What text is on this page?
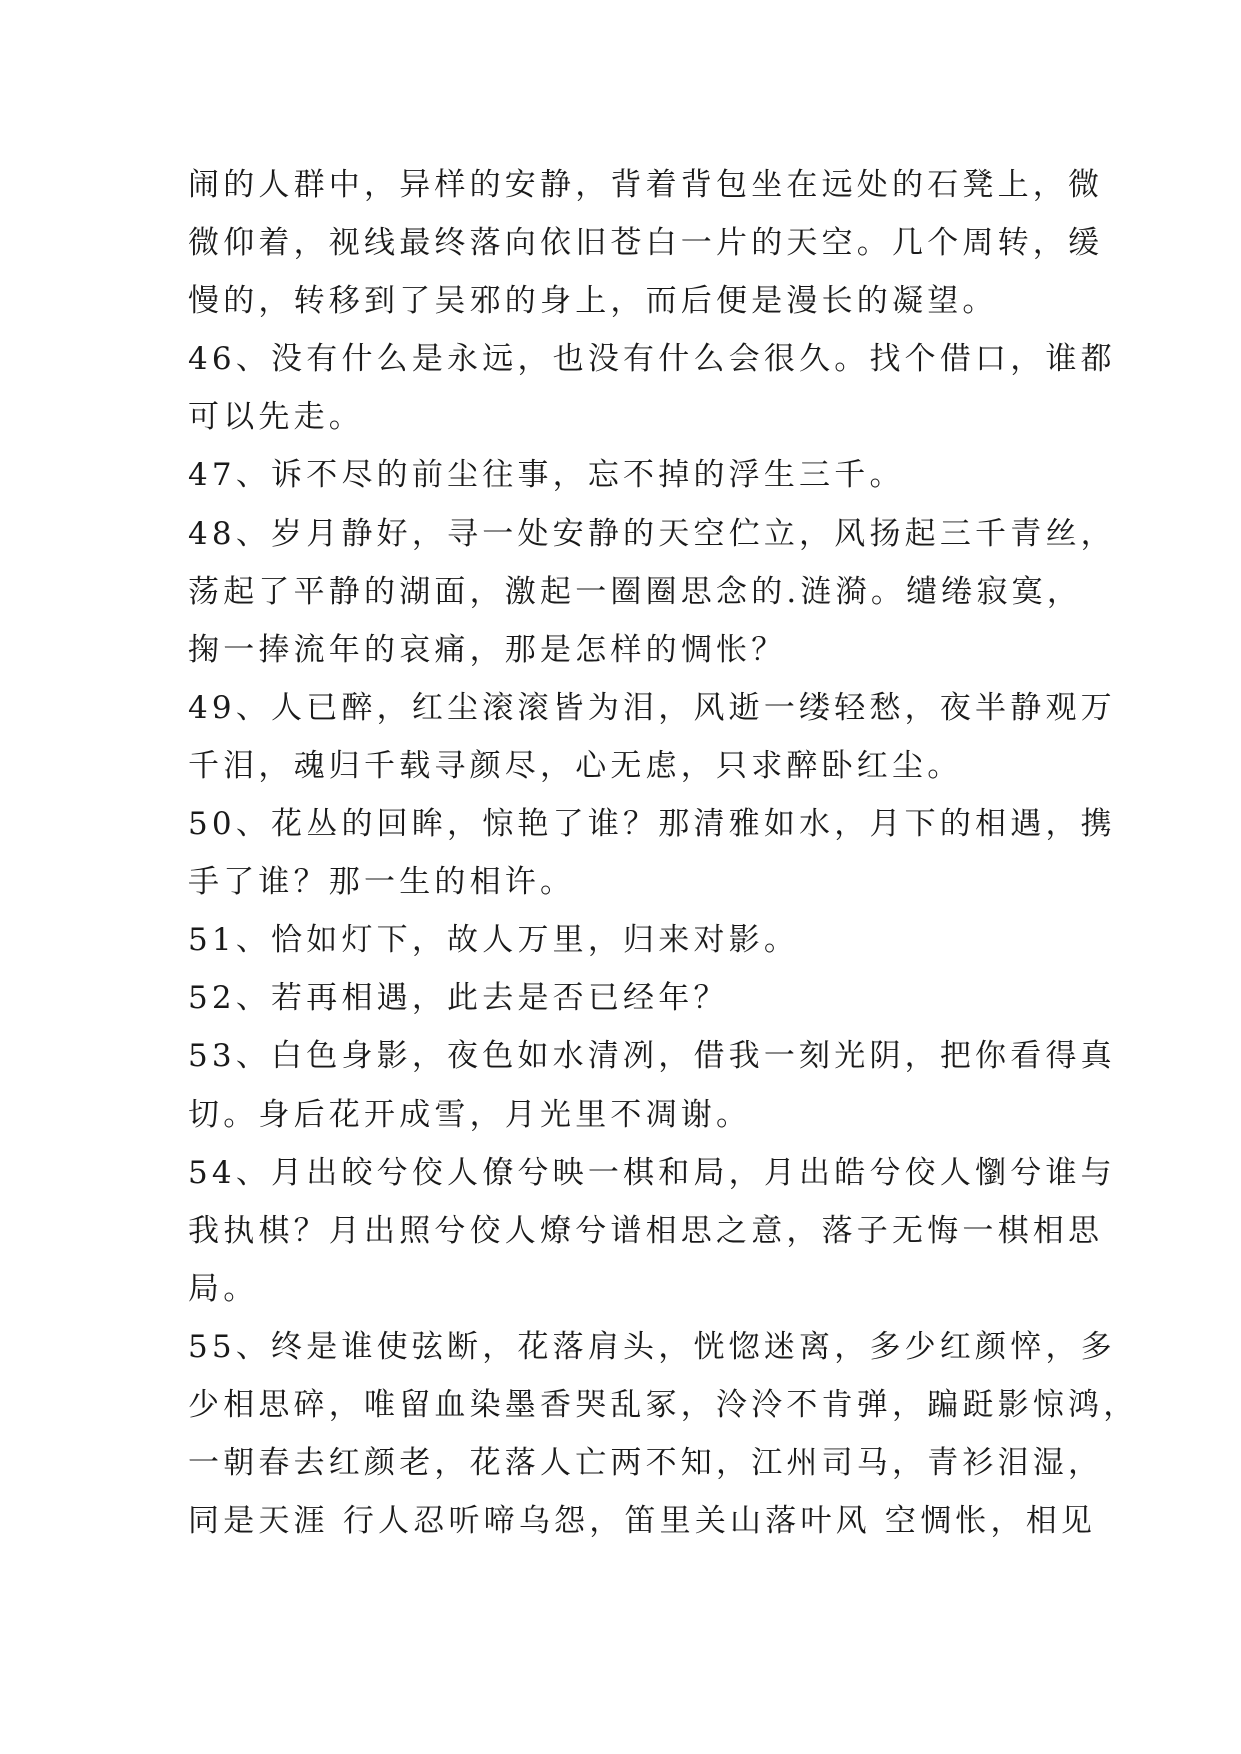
闹的人群中，异样的安静，背着背包坐在远处的石凳上，微
微仰着，视线最终落向依旧苍白一片的天空。几个周转，缓
慢的，转移到了吴邪的身上，而后便是漫长的凝望。
46、没有什么是永远，也没有什么会很久。找个借口，谁都
可以先走。
47、诉不尽的前尘往事，忘不掉的浮生三千。
48、岁月静好，寻一处安静的天空伫立，风扬起三千青丝，
荡起了平静的湖面，激起一圈圈思念的.涟漪。缱绻寂寞，
掬一捧流年的哀痛，那是怎样的惆怅？
49、人已醉，红尘滚滚皆为泪，风逝一缕轻愁，夜半静观万
千泪，魂归千载寻颜尽，心无虑，只求醉卧红尘。
50、花丛的回眸，惊艳了谁？那清雅如水，月下的相遇，携
手了谁？那一生的相许。
51、恰如灯下，故人万里，归来对影。
52、若再相遇，此去是否已经年？
53、白色身影，夜色如水清冽，借我一刻光阴，把你看得真
切。身后花开成雪，月光里不凋谢。
54、月出皎兮佼人僚兮映一棋和局，月出皓兮佼人懰兮谁与
我执棋？月出照兮佼人燎兮谱相思之意，落子无悔一棋相思
局。
55、终是谁使弦断，花落肩头，恍惚迷离，多少红颜悴，多
少相思碎，唯留血染墨香哭乱冢，泠泠不肯弹，蹁跹影惊鸿，
一朝春去红颜老，花落人亡两不知，江州司马，青衫泪湿，
同是天涯 行人忍听啼乌怨，笛里关山落叶风 空惆怅，相见
